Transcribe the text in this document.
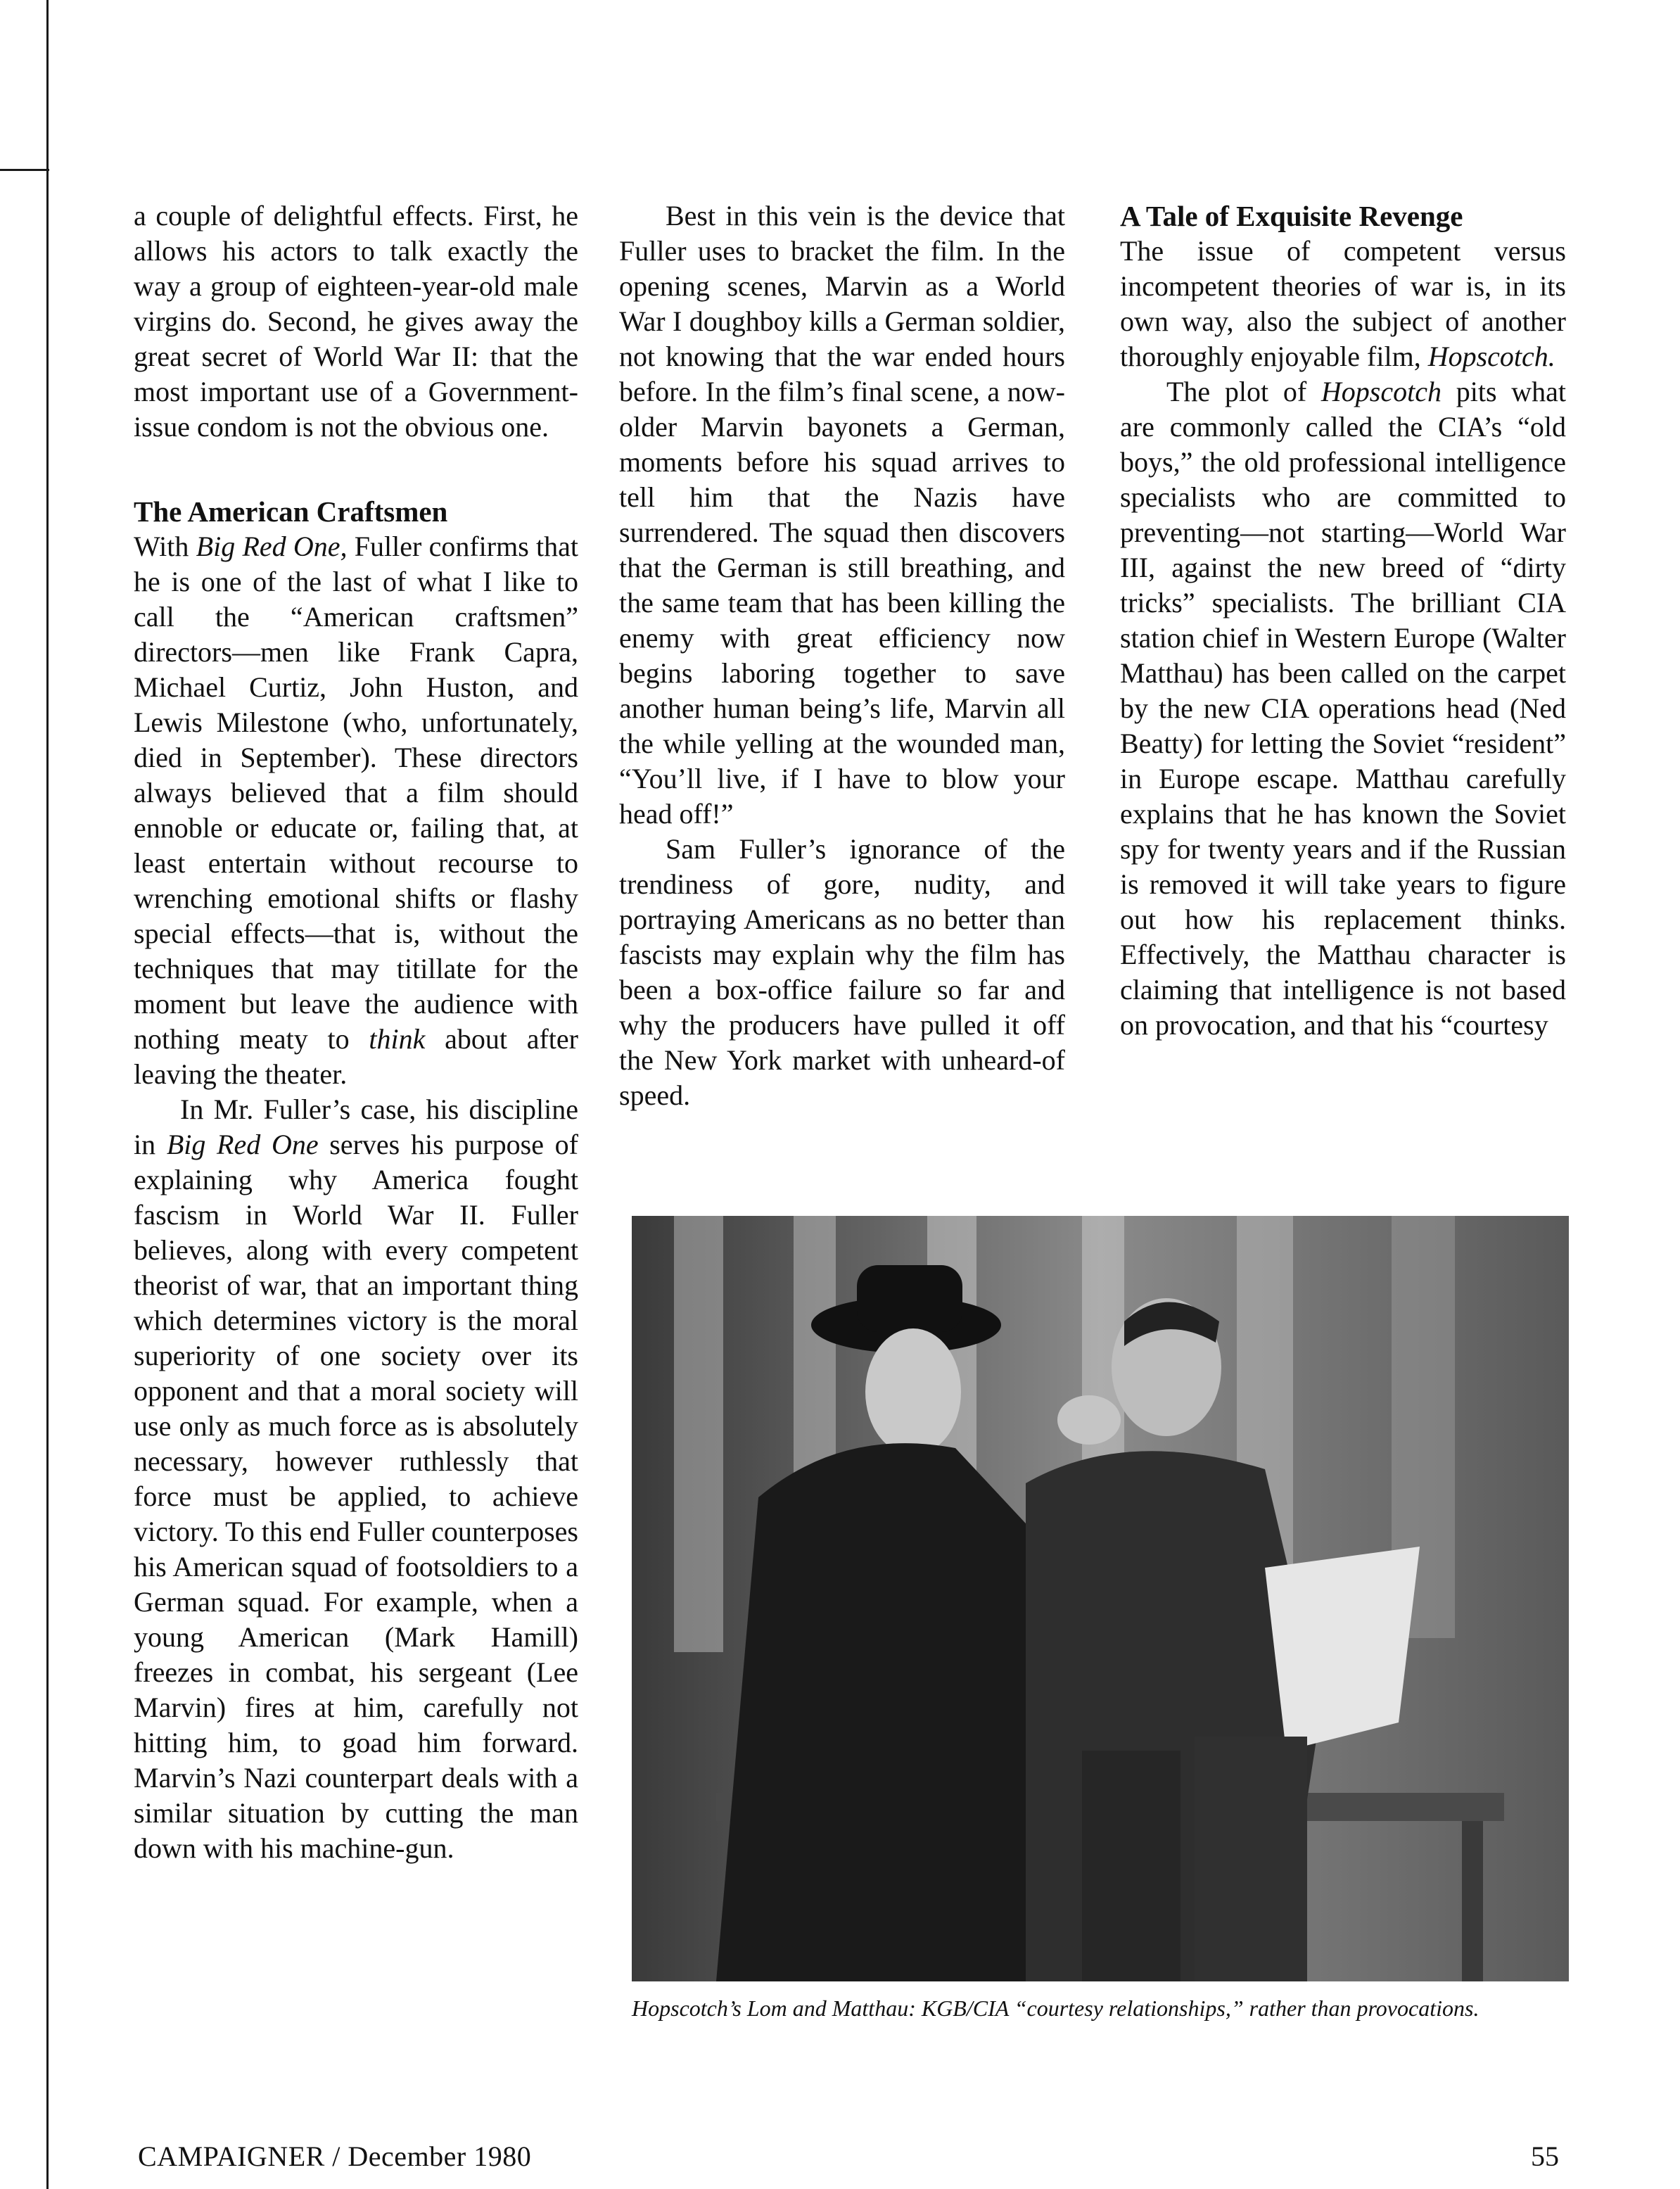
a couple of delightful effects. First, he allows his actors to talk exactly the way a group of eighteen-year-old male virgins do. Second, he gives away the great secret of World War II: that the most important use of a Government-issue condom is not the obvious one.

The American Craftsmen

With Big Red One, Fuller confirms that he is one of the last of what I like to call the “American craftsmen” directors—men like Frank Capra, Michael Curtiz, John Huston, and Lewis Milestone (who, unfortunately, died in September). These directors always believed that a film should ennoble or educate or, failing that, at least entertain without recourse to wrenching emotional shifts or flashy special effects—that is, without the techniques that may titillate for the moment but leave the audience with nothing meaty to think about after leaving the theater.

In Mr. Fuller’s case, his discipline in Big Red One serves his purpose of explaining why America fought fascism in World War II. Fuller believes, along with every competent theorist of war, that an important thing which determines victory is the moral superiority of one society over its opponent and that a moral society will use only as much force as is absolutely necessary, however ruthlessly that force must be applied, to achieve victory. To this end Fuller counterposes his American squad of footsoldiers to a German squad. For example, when a young American (Mark Hamill) freezes in combat, his sergeant (Lee Marvin) fires at him, carefully not hitting him, to goad him forward. Marvin’s Nazi counterpart deals with a similar situation by cutting the man down with his machine-gun.

Best in this vein is the device that Fuller uses to bracket the film. In the opening scenes, Marvin as a World War I doughboy kills a German soldier, not knowing that the war ended hours before. In the film’s final scene, a now-older Marvin bayonets a German, moments before his squad arrives to tell him that the Nazis have surrendered. The squad then discovers that the German is still breathing, and the same team that has been killing the enemy with great efficiency now begins laboring together to save another human being’s life, Marvin all the while yelling at the wounded man, “You’ll live, if I have to blow your head off!”

Sam Fuller’s ignorance of the trendiness of gore, nudity, and portraying Americans as no better than fascists may explain why the film has been a box-office failure so far and why the producers have pulled it off the New York market with unheard-of speed.

A Tale of Exquisite Revenge

The issue of competent versus incompetent theories of war is, in its own way, also the subject of another thoroughly enjoyable film, Hopscotch.

The plot of Hopscotch pits what are commonly called the CIA’s “old boys,” the old professional intelligence specialists who are committed to preventing—not starting—World War III, against the new breed of “dirty tricks” specialists. The brilliant CIA station chief in Western Europe (Walter Matthau) has been called on the carpet by the new CIA operations head (Ned Beatty) for letting the Soviet “resident” in Europe escape. Matthau carefully explains that he has known the Soviet spy for twenty years and if the Russian is removed it will take years to figure out how his replacement thinks. Effectively, the Matthau character is claiming that intelligence is not based on provocation, and that his “courtesy

Hopscotch’s Lom and Matthau: KGB/CIA “courtesy relationships,” rather than provocations.
CAMPAIGNER / December 1980	55
